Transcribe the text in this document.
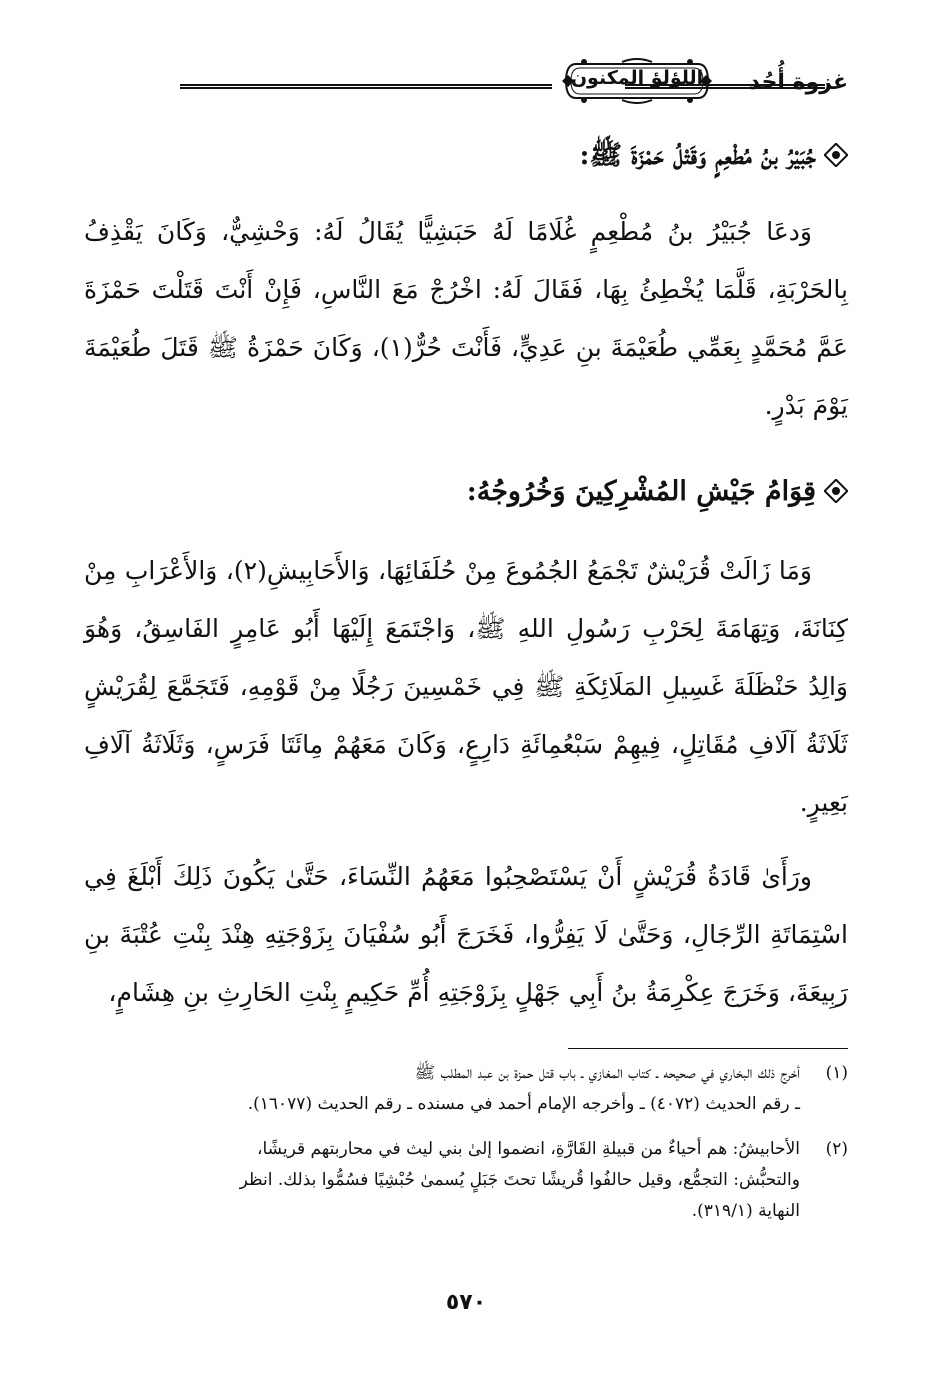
غزوة أُحُد
اللؤلؤ المكنون
جُبَيْرُ بنُ مُطْعِمٍ وَقَتْلُ حَمْزَةَ ﷺ:

وَدعَا جُبَيْرُ بنُ مُطْعِمٍ غُلَامًا لَهُ حَبَشِيًّا يُقَالُ لَهُ: وَحْشِيٌّ، وَكَانَ يَقْذِفُ بِالحَرْبَةِ، قَلَّمَا يُخْطِئُ بِهَا، فَقَالَ لَهُ: اخْرُجْ مَعَ النَّاسِ، فَإِنْ أَنْتَ قَتَلْتَ حَمْزَةَ عَمَّ مُحَمَّدٍ بِعَمِّي طُعَيْمَةَ بنِ عَدِيٍّ، فَأَنْتَ حُرٌّ(١)، وَكَانَ حَمْزَةُ ﷺ قَتَلَ طُعَيْمَةَ يَوْمَ بَدْرٍ.

قِوَامُ جَيْشِ المُشْرِكِينَ وَخُرُوجُهُ:

وَمَا زَالَتْ قُرَيْشٌ تَجْمَعُ الجُمُوعَ مِنْ حُلَفَائِهَا، وَالأَحَابِيشِ(٢)، وَالأَعْرَابِ مِنْ كِنَانَةَ، وَتِهَامَةَ لِحَرْبِ رَسُولِ اللهِ ﷺ، وَاجْتَمَعَ إِلَيْهَا أَبُو عَامِرٍ الفَاسِقُ، وَهُوَ وَالِدُ حَنْظَلَةَ غَسِيلِ المَلَائِكَةِ ﷺ فِي خَمْسِينَ رَجُلًا مِنْ قَوْمِهِ، فَتَجَمَّعَ لِقُرَيْشٍ ثَلَاثَةُ آلَافِ مُقَاتِلٍ، فِيهِمْ سَبْعُمِائَةِ دَارِعٍ، وَكَانَ مَعَهُمْ مِائَتَا فَرَسٍ، وَثَلَاثَةُ آلَافِ بَعِيرٍ.

ورَأَىٰ قَادَةُ قُرَيْشٍ أَنْ يَسْتَصْحِبُوا مَعَهُمُ النِّسَاءَ، حَتَّىٰ يَكُونَ ذَلِكَ أَبْلَغَ فِي اسْتِمَاتَةِ الرِّجَالِ، وَحَتَّىٰ لَا يَفِرُّوا، فَخَرَجَ أَبُو سُفْيَانَ بِزَوْجَتِهِ هِنْدَ بِنْتِ عُتْبَةَ بنِ رَبِيعَةَ، وَخَرَجَ عِكْرِمَةُ بنُ أَبِي جَهْلٍ بِزَوْجَتِهِ أُمِّ حَكِيمٍ بِنْتِ الحَارِثِ بنِ هِشَامٍ،

(١)أخرج ذلك البخاري في صحيحه ـ كتاب المغازي ـ باب قتل حمزة بن عبد المطلب ﷺ
ـ رقم الحديث (٤٠٧٢) ـ وأخرجه الإمام أحمد في مسنده ـ رقم الحديث (١٦٠٧٧).

(٢)الأحابيشُ: هم أحياءٌ من قبيلةِ القَارَّةِ، انضموا إلىٰ بني ليث في محاربتهم قريشًا،
والتحبُّش: التجمُّع، وقيل حالفُوا قُريشًا تحتَ جَبَلٍ يُسمىٰ حُبْشِيًا فسُمُّوا بذلك. انظر
النهاية (٣١٩/١).

٥٧٠
